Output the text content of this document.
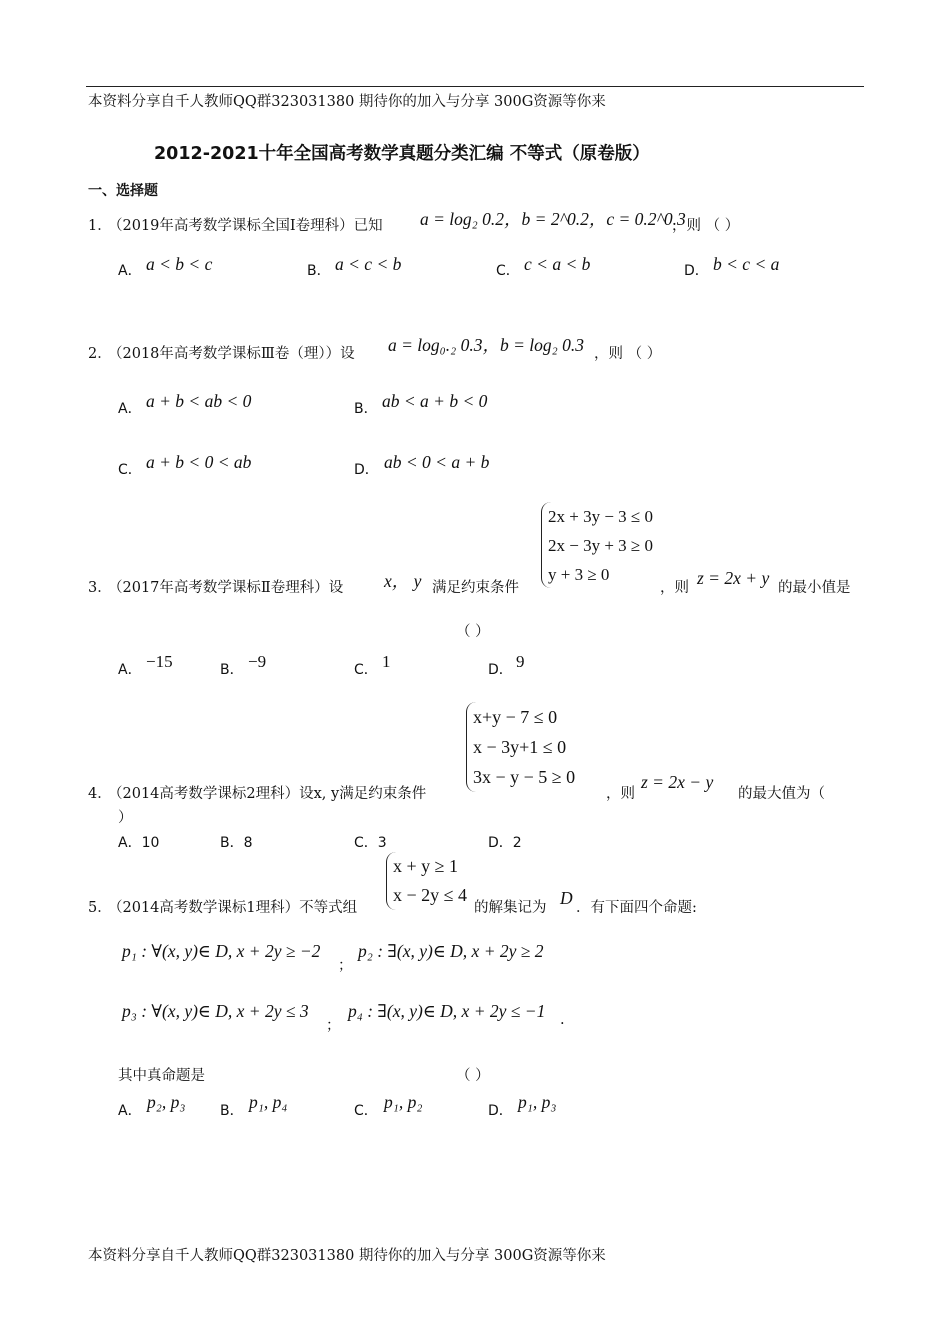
本资料分享自千人教师QQ群323031380 期待你的加入与分享 300G资源等你来
2012-2021十年全国高考数学真题分类汇编 不等式（原卷版）
一、选择题
1．
（2019年高考数学课标全国Ⅰ卷理科）已知 a = log₂ 0.2，b = 2^0.2，c = 0.2^0.3
，则 （ ）
A． a < b < c	B． a < c < b	C． c < a < b	D． b < c < a
2．
（2018年高考数学课标Ⅲ卷（理））设 a = log₀.₂ 0.3，b = log₂ 0.3 ，则 （ ）
A． a + b < ab < 0	B． ab < a + b < 0
C． a + b < 0 < ab	D． ab < 0 < a + b
3．
（2017年高考数学课标Ⅱ卷理科）设 x， y 满足约束条件
2x + 3y − 3 ≤ 0
2x − 3y + 3 ≥ 0
y + 3 ≥ 0
，则 z = 2x + y 的最小值是
（ ）
A． −15	B． −9	C． 1	D． 9
4．
（2014高考数学课标2理科）设x, y满足约束条件
x+y − 7 ≤ 0
x − 3y+1 ≤ 0
3x − y − 5 ≥ 0
，则
z = 2x − y
的最大值为（
）
A．10	B．8	C．3	D．2
5．
（2014高考数学课标1理科）不等式组
x + y ≥ 1
x − 2y ≤ 4
的解集记为 D ．有下面四个命题:
p₁ : ∀(x, y)∈ D, x + 2y ≥ −2
；
p₂ : ∃(x, y)∈ D, x + 2y ≥ 2
p₃ : ∀(x, y)∈ D, x + 2y ≤ 3
；
p₄ : ∃(x, y)∈ D, x + 2y ≤ −1 .
其中真命题是	（ ）
A． p₂, p₃ B． p₁, p₄	C． p₁, p₂	D． p₁, p₃
本资料分享自千人教师QQ群323031380 期待你的加入与分享 300G资源等你来
